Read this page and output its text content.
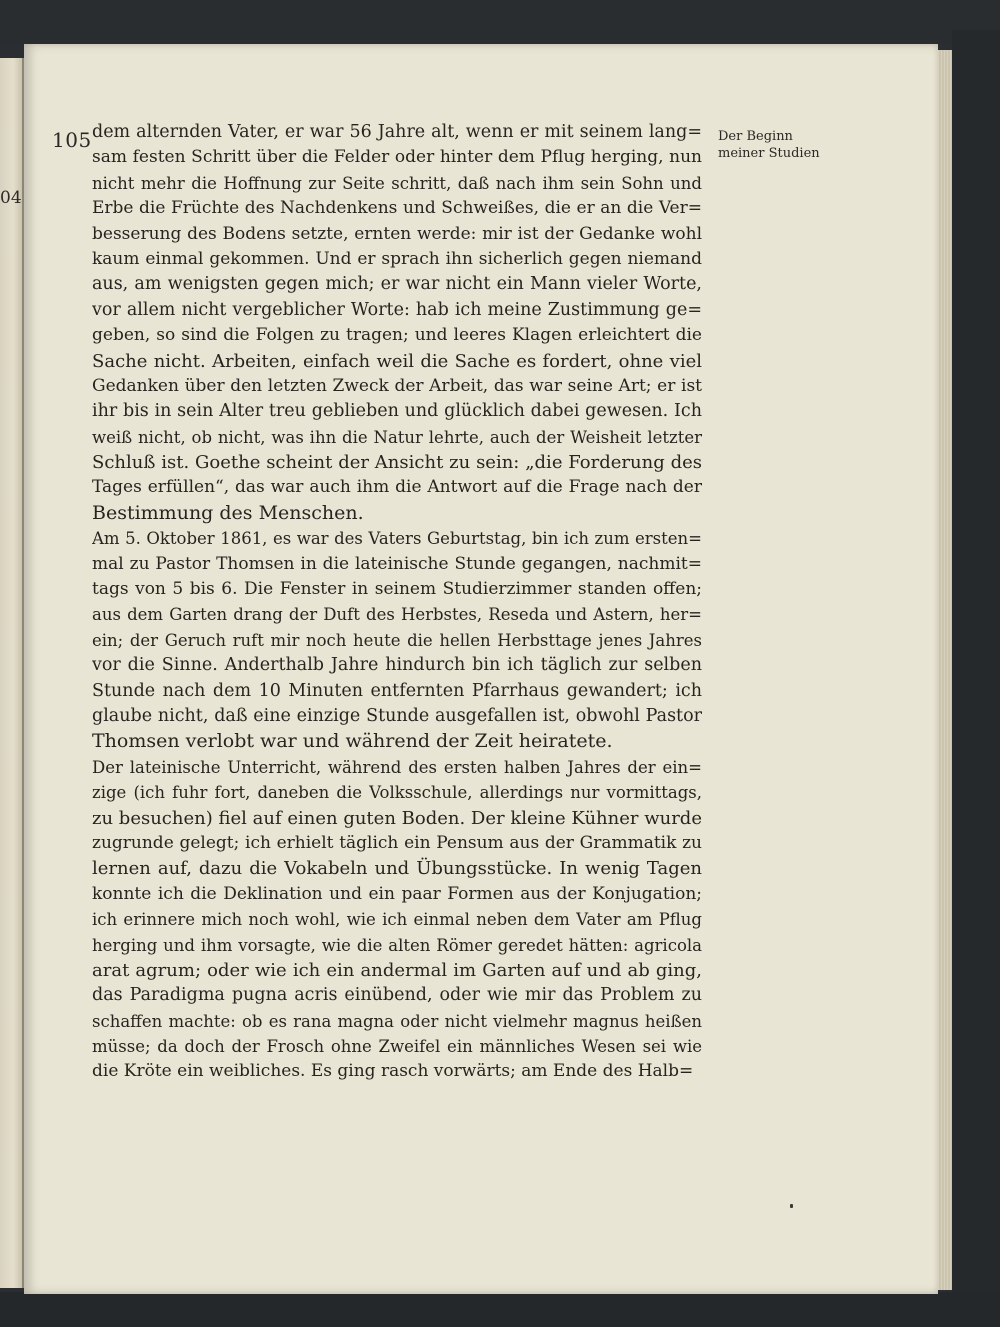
04
105 dem alternden Vater, er war 56 Jahre alt, wenn er mit seinem lang=
sam festen Schritt über die Felder oder hinter dem Pflug herging, nun
nicht mehr die Hoffnung zur Seite schritt, daß nach ihm sein Sohn und
Erbe die Früchte des Nachdenkens und Schweißes, die er an die Ver=
besserung des Bodens setzte, ernten werde: mir ist der Gedanke wohl
kaum einmal gekommen. Und er sprach ihn sicherlich gegen niemand
aus, am wenigsten gegen mich; er war nicht ein Mann vieler Worte,
vor allem nicht vergeblicher Worte: hab ich meine Zustimmung ge=
geben, so sind die Folgen zu tragen; und leeres Klagen erleichtert die
Sache nicht. Arbeiten, einfach weil die Sache es fordert, ohne viel
Gedanken über den letzten Zweck der Arbeit, das war seine Art; er ist
ihr bis in sein Alter treu geblieben und glücklich dabei gewesen. Ich
weiß nicht, ob nicht, was ihn die Natur lehrte, auch der Weisheit letzter
Schluß ist. Goethe scheint der Ansicht zu sein: „die Forderung des
Tages erfüllen“, das war auch ihm die Antwort auf die Frage nach der
Bestimmung des Menschen.
Am 5. Oktober 1861, es war des Vaters Geburtstag, bin ich zum ersten=
mal zu Pastor Thomsen in die lateinische Stunde gegangen, nachmit=
tags von 5 bis 6. Die Fenster in seinem Studierzimmer standen offen;
aus dem Garten drang der Duft des Herbstes, Reseda und Astern, her=
ein; der Geruch ruft mir noch heute die hellen Herbsttage jenes Jahres
vor die Sinne. Anderthalb Jahre hindurch bin ich täglich zur selben
Stunde nach dem 10 Minuten entfernten Pfarrhaus gewandert; ich
glaube nicht, daß eine einzige Stunde ausgefallen ist, obwohl Pastor
Thomsen verlobt war und während der Zeit heiratete.
Der lateinische Unterricht, während des ersten halben Jahres der ein=
zige (ich fuhr fort, daneben die Volksschule, allerdings nur vormittags,
zu besuchen) fiel auf einen guten Boden. Der kleine Kühner wurde
zugrunde gelegt; ich erhielt täglich ein Pensum aus der Grammatik zu
lernen auf, dazu die Vokabeln und Übungsstücke. In wenig Tagen
konnte ich die Deklination und ein paar Formen aus der Konjugation;
ich erinnere mich noch wohl, wie ich einmal neben dem Vater am Pflug
herging und ihm vorsagte, wie die alten Römer geredet hätten: agricola
arat agrum; oder wie ich ein andermal im Garten auf und ab ging,
das Paradigma pugna acris einübend, oder wie mir das Problem zu
schaffen machte: ob es rana magna oder nicht vielmehr magnus heißen
müsse; da doch der Frosch ohne Zweifel ein männliches Wesen sei wie
die Kröte ein weibliches. Es ging rasch vorwärts; am Ende des Halb=
Der Beginn
meiner Studien
